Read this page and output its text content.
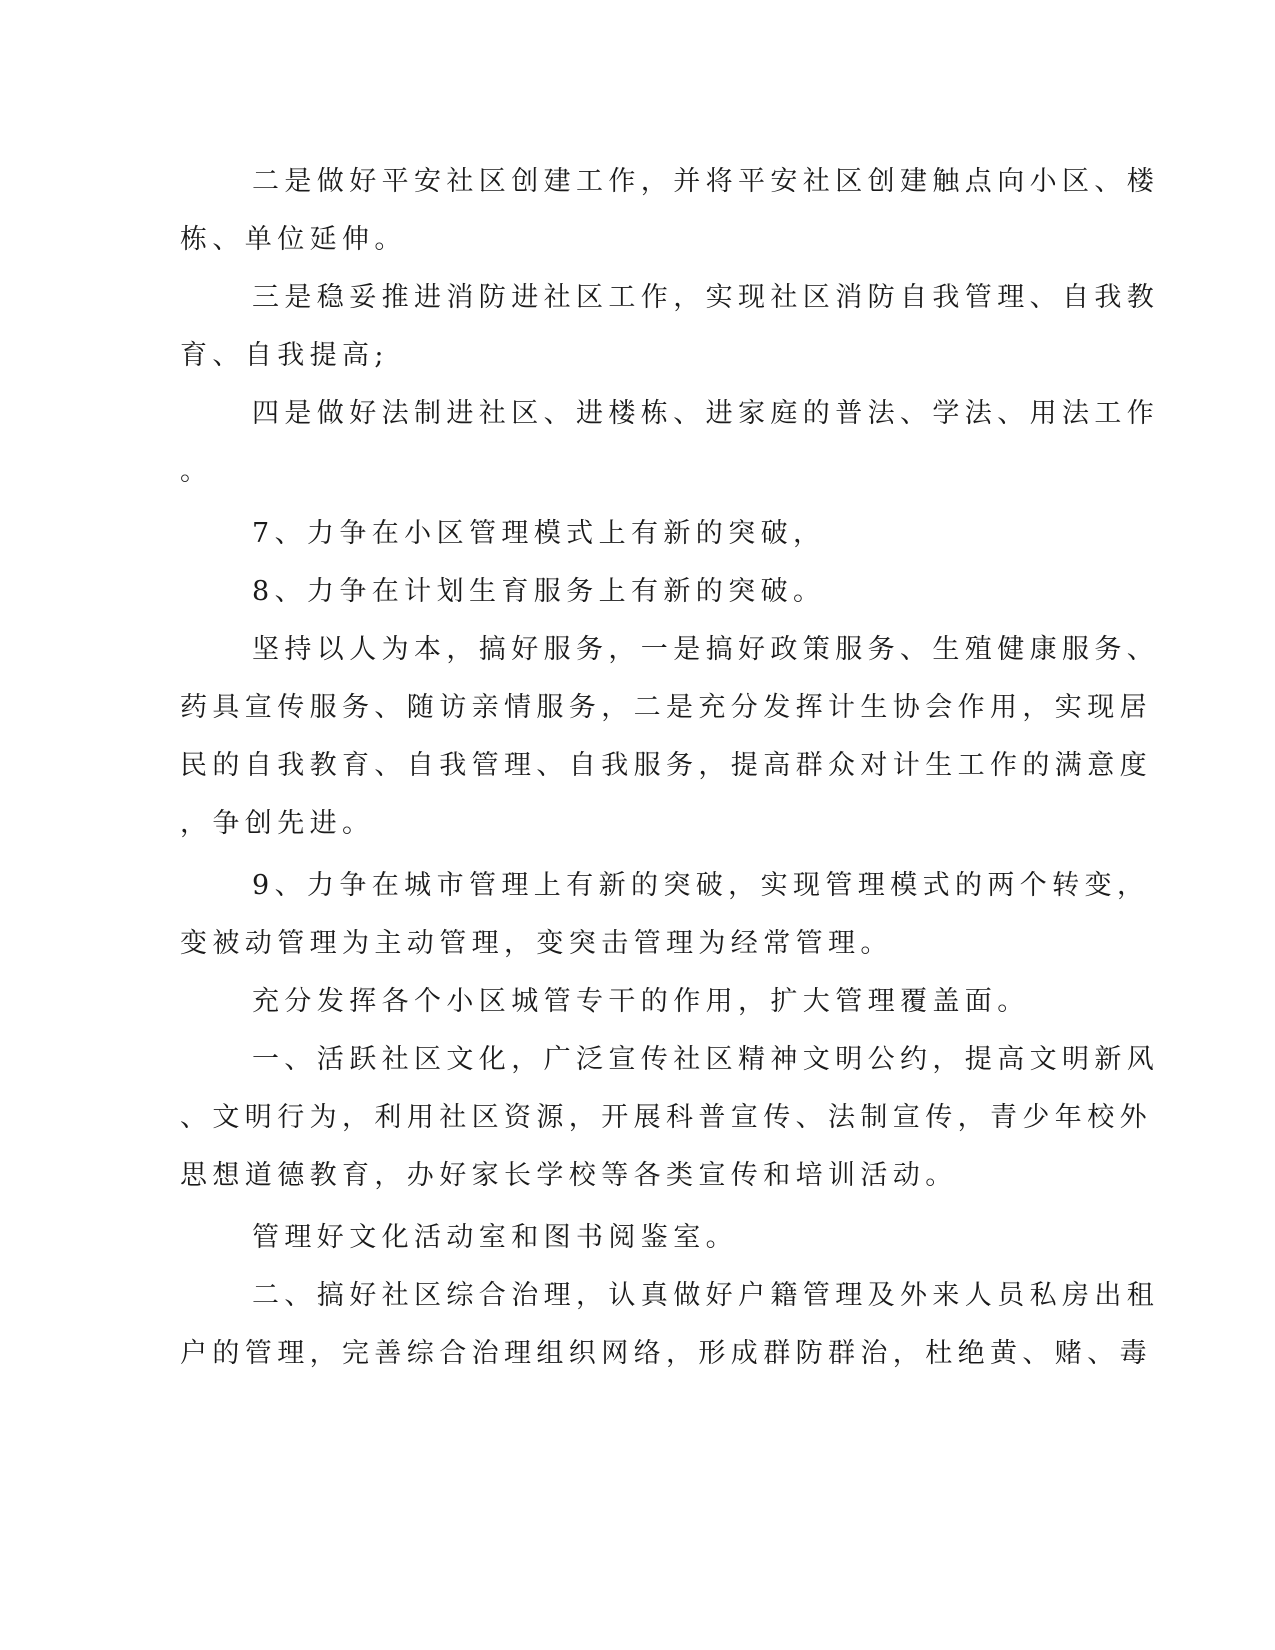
二是做好平安社区创建工作，并将平安社区创建触点向小区、楼
栋、单位延伸。
三是稳妥推进消防进社区工作，实现社区消防自我管理、自我教
育、自我提高;
四是做好法制进社区、进楼栋、进家庭的普法、学法、用法工作
。
7、力争在小区管理模式上有新的突破，
8、力争在计划生育服务上有新的突破。
坚持以人为本，搞好服务，一是搞好政策服务、生殖健康服务、
药具宣传服务、随访亲情服务，二是充分发挥计生协会作用，实现居
民的自我教育、自我管理、自我服务，提高群众对计生工作的满意度
，争创先进。
9、力争在城市管理上有新的突破，实现管理模式的两个转变，
变被动管理为主动管理，变突击管理为经常管理。
充分发挥各个小区城管专干的作用，扩大管理覆盖面。
一、活跃社区文化，广泛宣传社区精神文明公约，提高文明新风
、文明行为，利用社区资源，开展科普宣传、法制宣传，青少年校外
思想道德教育，办好家长学校等各类宣传和培训活动。
管理好文化活动室和图书阅鉴室。
二、搞好社区综合治理，认真做好户籍管理及外来人员私房出租
户的管理，完善综合治理组织网络，形成群防群治，杜绝黄、赌、毒
